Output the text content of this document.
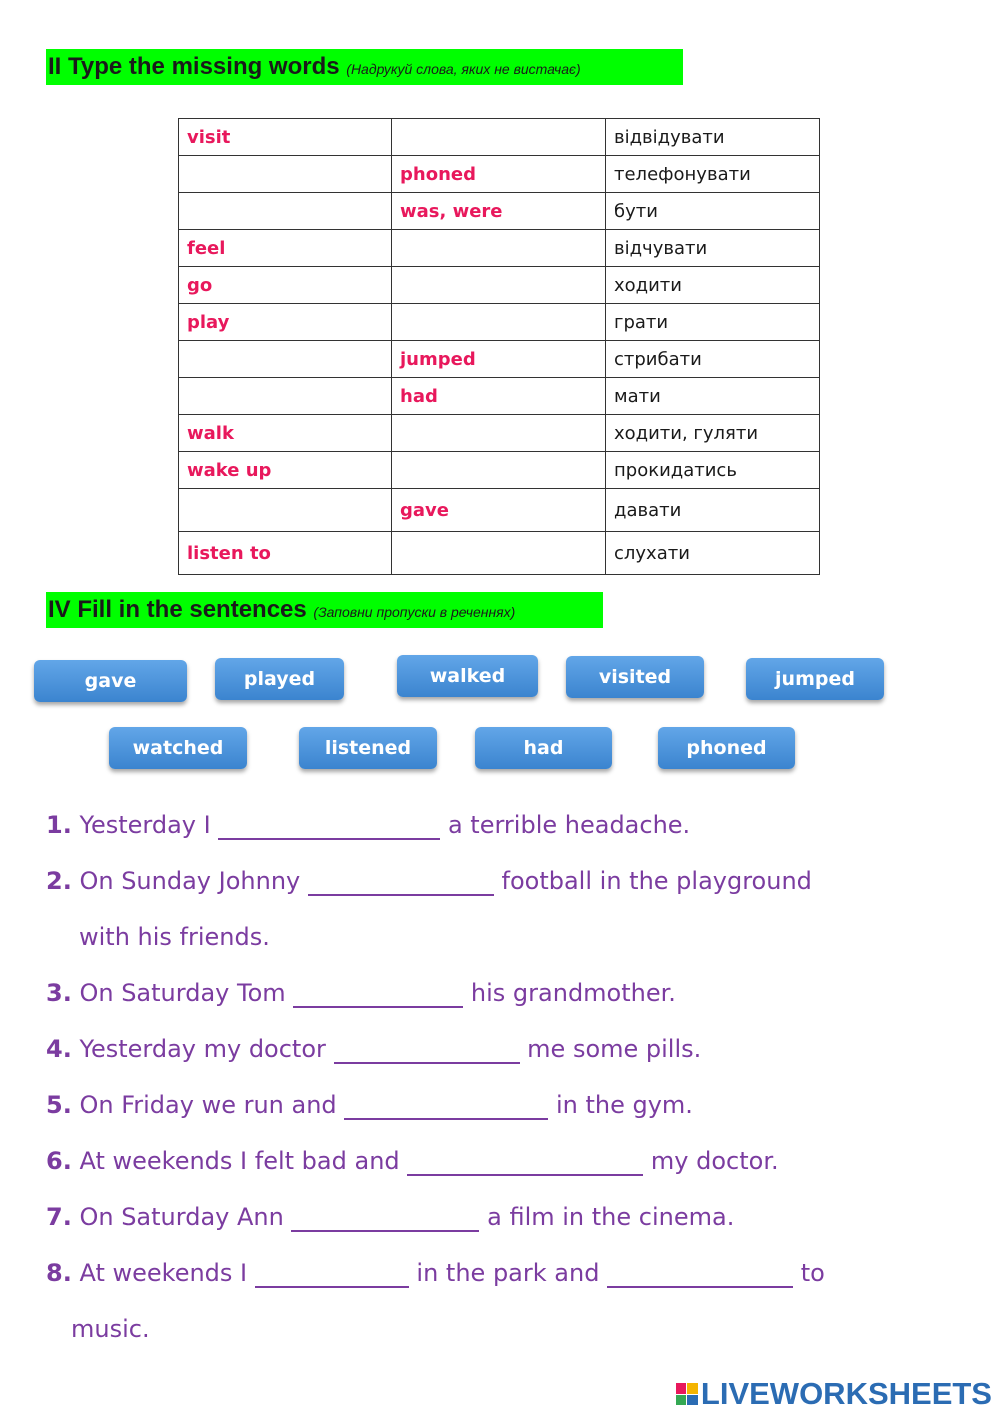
II Type the missing words (Надрукуй слова, яких не вистачає)
visit		відвідувати
	phoned	телефонувати
	was, were	бути
feel		відчувати
go		ходити
play		грати
	jumped	стрибати
	had	мати
walk		ходити, гуляти
wake up		прокидатись
	gave	давати
listen to		слухати
IV Fill in the sentences (Заповни пропуски в реченнях)
gave	played	walked	visited	jumped
watched	listened	had	phoned
1. Yesterday I	a terrible headache.
2. On Sunday Johnny	football in the playground
with his friends.
3. On Saturday Tom	his grandmother.
4. Yesterday my doctor	me some pills.
5. On Friday we run and	in the gym.
6. At weekends I felt bad and	my doctor.
7. On Saturday Ann	a film in the cinema.
8. At weekends I	in the park and	to
music.
LIVEWORKSHEETS
